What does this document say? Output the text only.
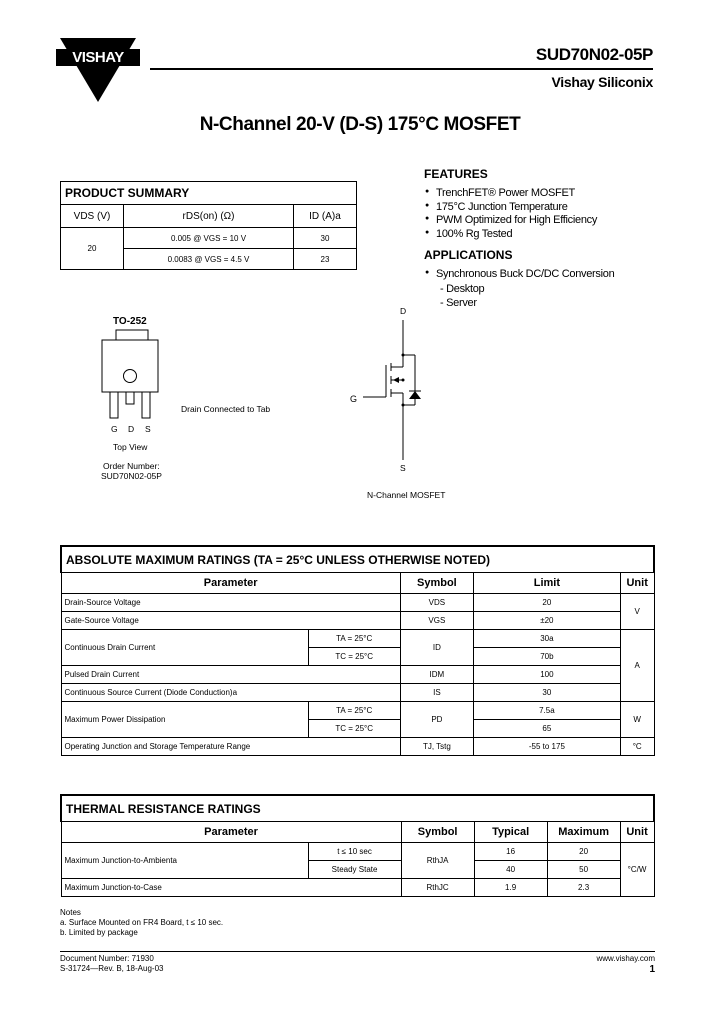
VISHAY	SUD70N02-05P
Vishay Siliconix
N-Channel 20-V (D-S) 175°C MOSFET
PRODUCT SUMMARY		
VDS (V)	rDS(on) (Ω)	ID (A)a
20	0.005 @ VGS = 10 V	30
	0.0083 @ VGS = 4.5 V	23
FEATURES
● TrenchFET® Power MOSFET
● 175°C Junction Temperature
● PWM Optimized for High Efficiency
● 100% Rg Tested
APPLICATIONS
● Synchronous Buck DC/DC Conversion
- Desktop
- Server
TO-252
G D S
Drain Connected to Tab
Top View
Order Number:
SUD70N02-05P
D
G
S
N-Channel MOSFET
ABSOLUTE MAXIMUM RATINGS (TA = 25°C UNLESS OTHERWISE NOTED)				
Parameter		Symbol	Limit	Unit
Drain-Source Voltage		VDS	20	V
Gate-Source Voltage		VGS	±20	
Continuous Drain Current	TA = 25°C	ID	30a	A
	TC = 25°C		70b	
Pulsed Drain Current		IDM	100	
Continuous Source Current (Diode Conduction)a		IS	30	
Maximum Power Dissipation	TA = 25°C	PD	7.5a	W
	TC = 25°C		65	
Operating Junction and Storage Temperature Range		TJ, Tstg	-55 to 175	°C
THERMAL RESISTANCE RATINGS					
Parameter		Symbol	Typical	Maximum	Unit
Maximum Junction-to-Ambienta	t ≤ 10 sec	RthJA	16	20	°C/W
	Steady State		40	50	
Maximum Junction-to-Case		RthJC	1.9	2.3	
Notes
a. Surface Mounted on FR4 Board, t ≤ 10 sec.
b. Limited by package
Document Number: 71930
S-31724—Rev. B, 18-Aug-03
www.vishay.com
1
